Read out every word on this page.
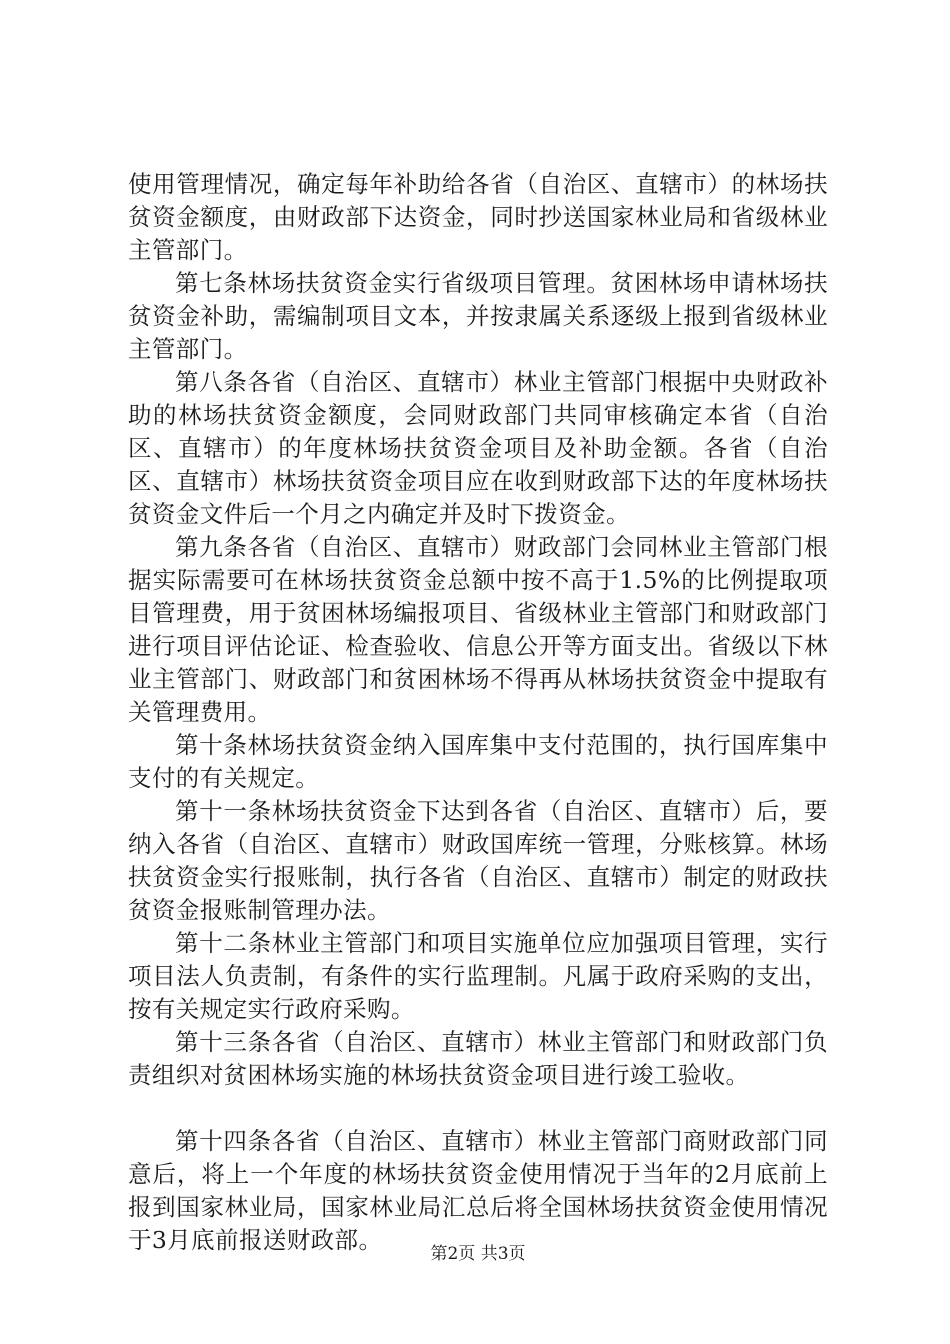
使用管理情况，确定每年补助给各省（自治区、直辖市）的林场扶贫资金额度，由财政部下达资金，同时抄送国家林业局和省级林业主管部门。

第七条林场扶贫资金实行省级项目管理。贫困林场申请林场扶贫资金补助，需编制项目文本，并按隶属关系逐级上报到省级林业主管部门。

第八条各省（自治区、直辖市）林业主管部门根据中央财政补助的林场扶贫资金额度，会同财政部门共同审核确定本省（自治区、直辖市）的年度林场扶贫资金项目及补助金额。各省（自治区、直辖市）林场扶贫资金项目应在收到财政部下达的年度林场扶贫资金文件后一个月之内确定并及时下拨资金。

第九条各省（自治区、直辖市）财政部门会同林业主管部门根据实际需要可在林场扶贫资金总额中按不高于1.5%的比例提取项目管理费，用于贫困林场编报项目、省级林业主管部门和财政部门进行项目评估论证、检查验收、信息公开等方面支出。省级以下林业主管部门、财政部门和贫困林场不得再从林场扶贫资金中提取有关管理费用。

第十条林场扶贫资金纳入国库集中支付范围的，执行国库集中支付的有关规定。

第十一条林场扶贫资金下达到各省（自治区、直辖市）后，要纳入各省（自治区、直辖市）财政国库统一管理，分账核算。林场扶贫资金实行报账制，执行各省（自治区、直辖市）制定的财政扶贫资金报账制管理办法。

第十二条林业主管部门和项目实施单位应加强项目管理，实行项目法人负责制，有条件的实行监理制。凡属于政府采购的支出，按有关规定实行政府采购。

第十三条各省（自治区、直辖市）林业主管部门和财政部门负责组织对贫困林场实施的林场扶贫资金项目进行竣工验收。

第十四条各省（自治区、直辖市）林业主管部门商财政部门同意后，将上一个年度的林场扶贫资金使用情况于当年的2月底前上报到国家林业局，国家林业局汇总后将全国林场扶贫资金使用情况于3月底前报送财政部。	第2页 共3页
